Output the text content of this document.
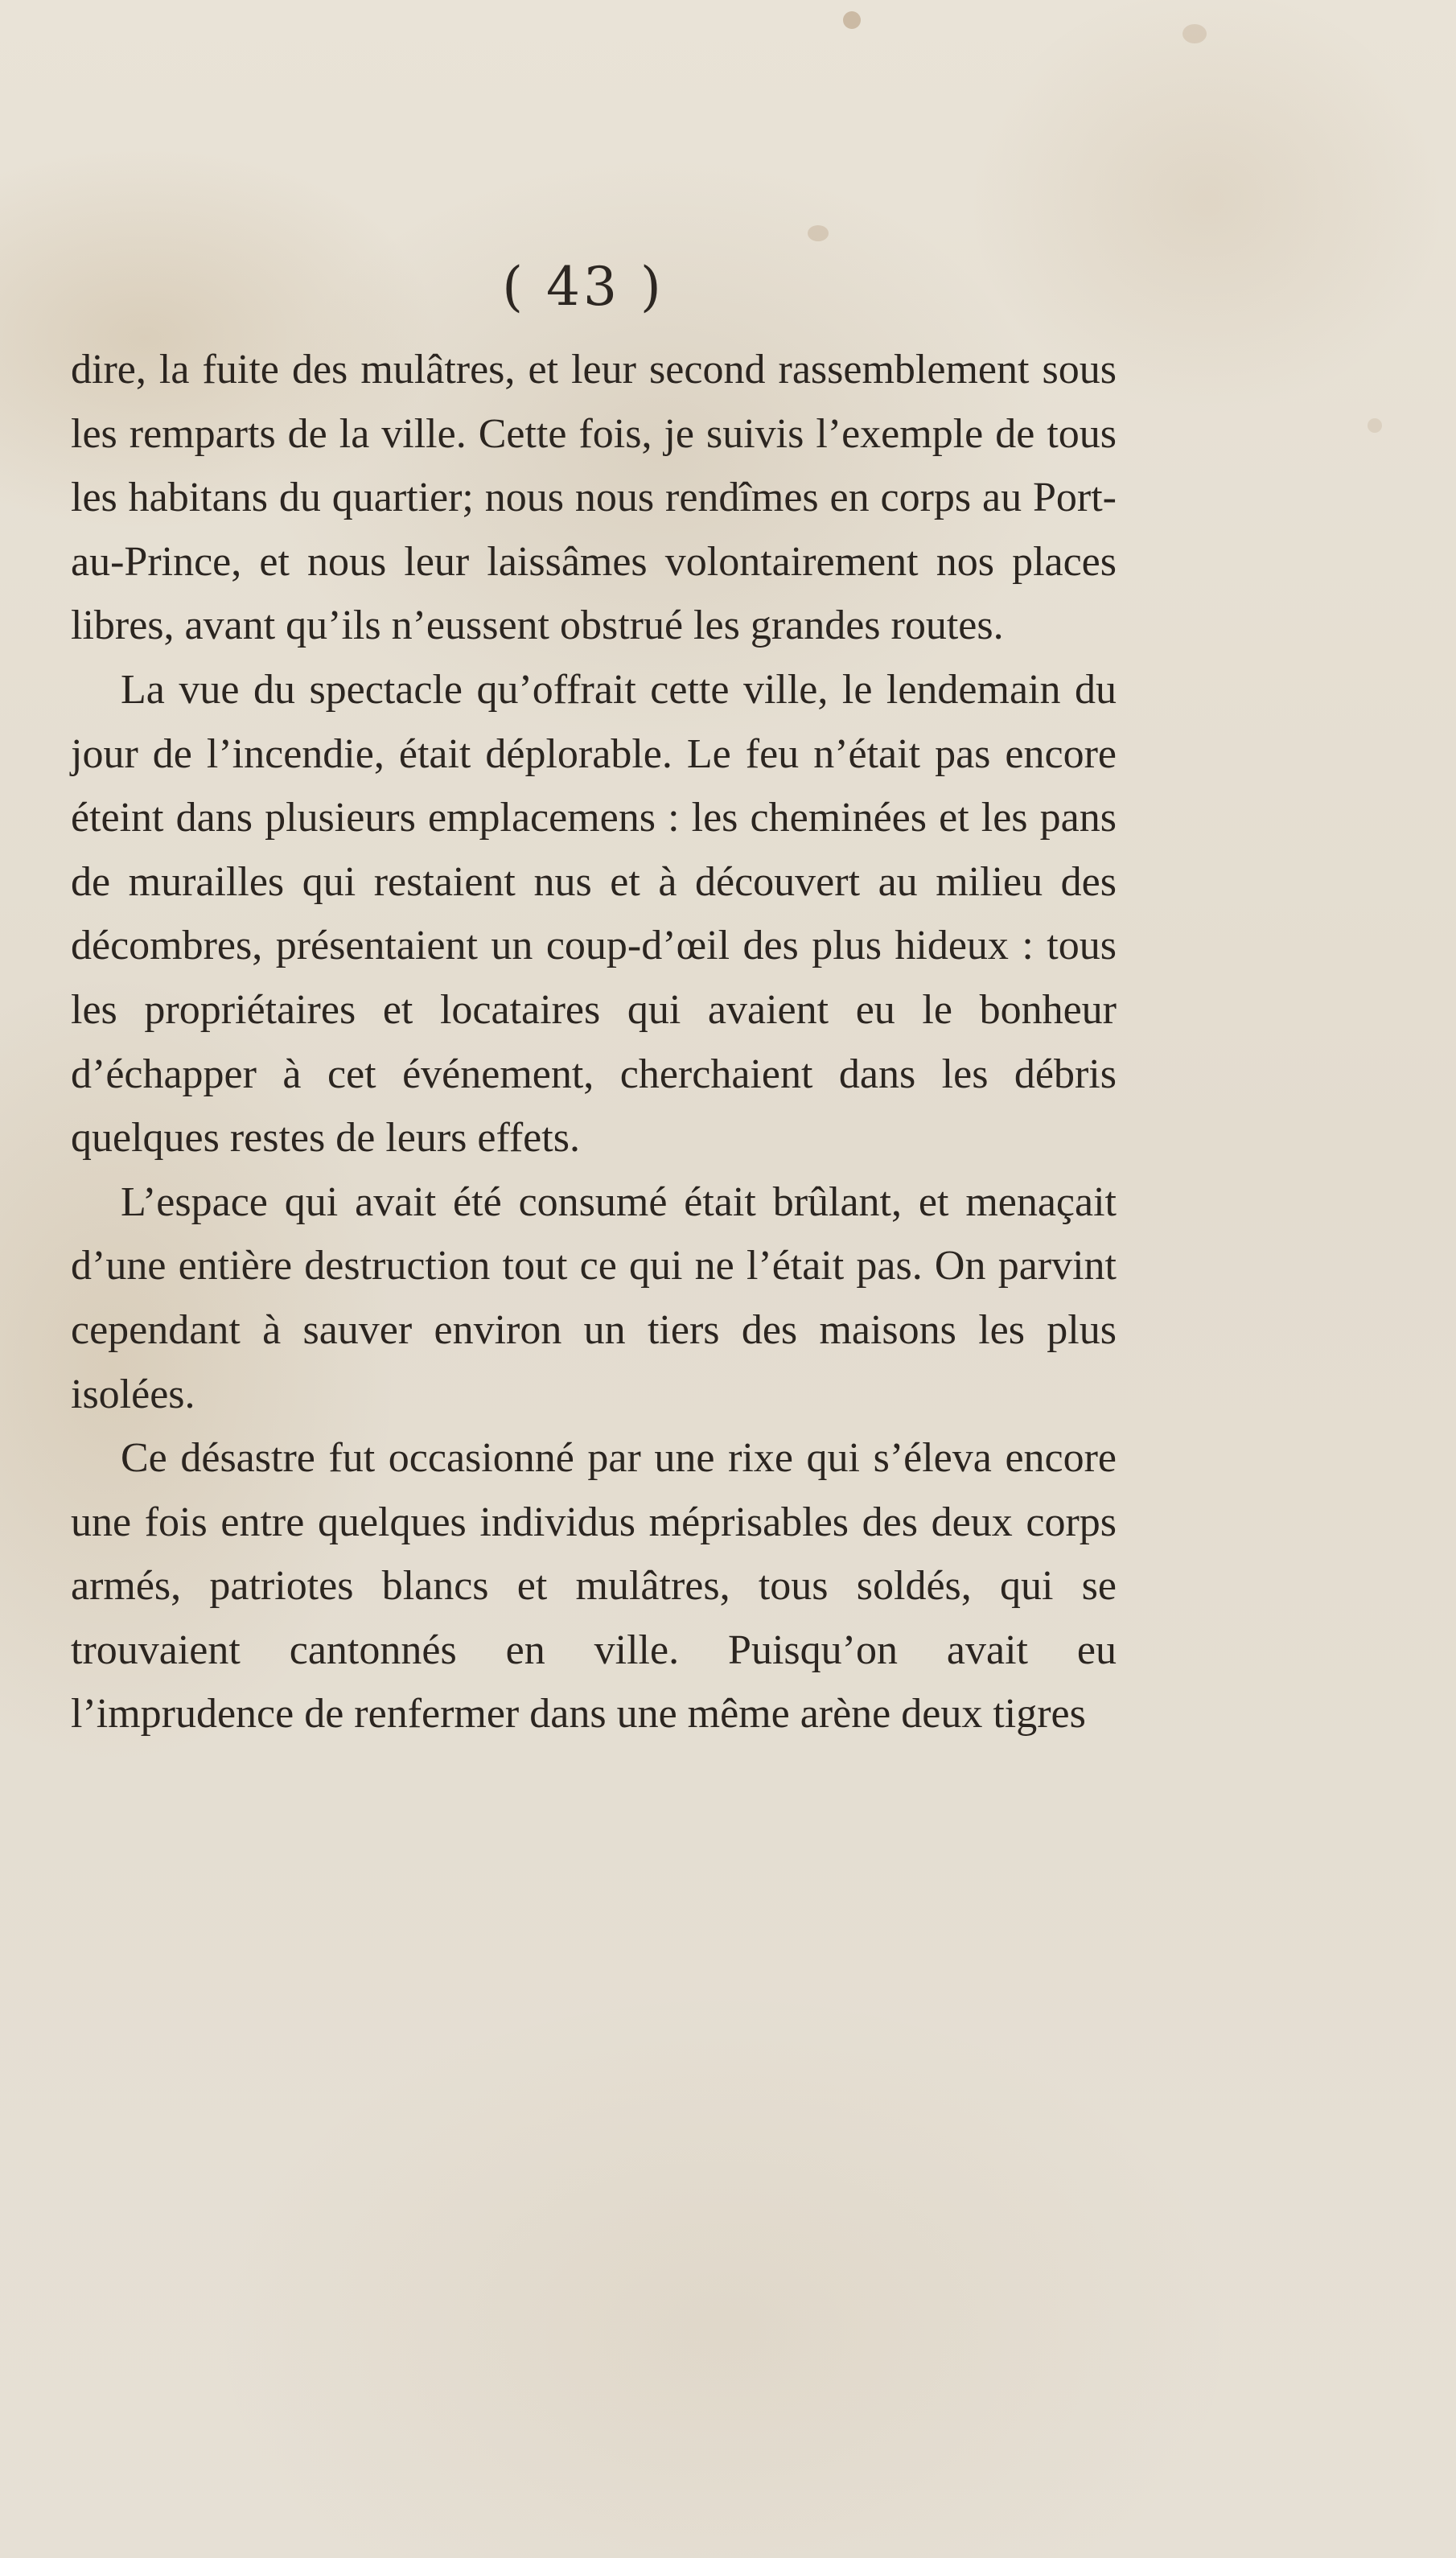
( 43 )

dire, la fuite des mulâtres, et leur second rassemblement sous les remparts de la ville. Cette fois, je suivis l’exemple de tous les habitans du quartier; nous nous rendîmes en corps au Port-au-Prince, et nous leur laissâmes volontairement nos places libres, avant qu’ils n’eussent obstrué les grandes routes.

La vue du spectacle qu’offrait cette ville, le lendemain du jour de l’incendie, était déplorable. Le feu n’était pas encore éteint dans plusieurs emplacemens : les cheminées et les pans de murailles qui restaient nus et à découvert au milieu des décombres, présentaient un coup-d’œil des plus hideux : tous les propriétaires et locataires qui avaient eu le bonheur d’échapper à cet événement, cherchaient dans les débris quelques restes de leurs effets.

L’espace qui avait été consumé était brûlant, et menaçait d’une entière destruction tout ce qui ne l’était pas. On parvint cependant à sauver environ un tiers des maisons les plus isolées.

Ce désastre fut occasionné par une rixe qui s’éleva encore une fois entre quelques individus méprisables des deux corps armés, patriotes blancs et mulâtres, tous soldés, qui se trouvaient cantonnés en ville. Puisqu’on avait eu l’imprudence de renfermer dans une même arène deux tigres
